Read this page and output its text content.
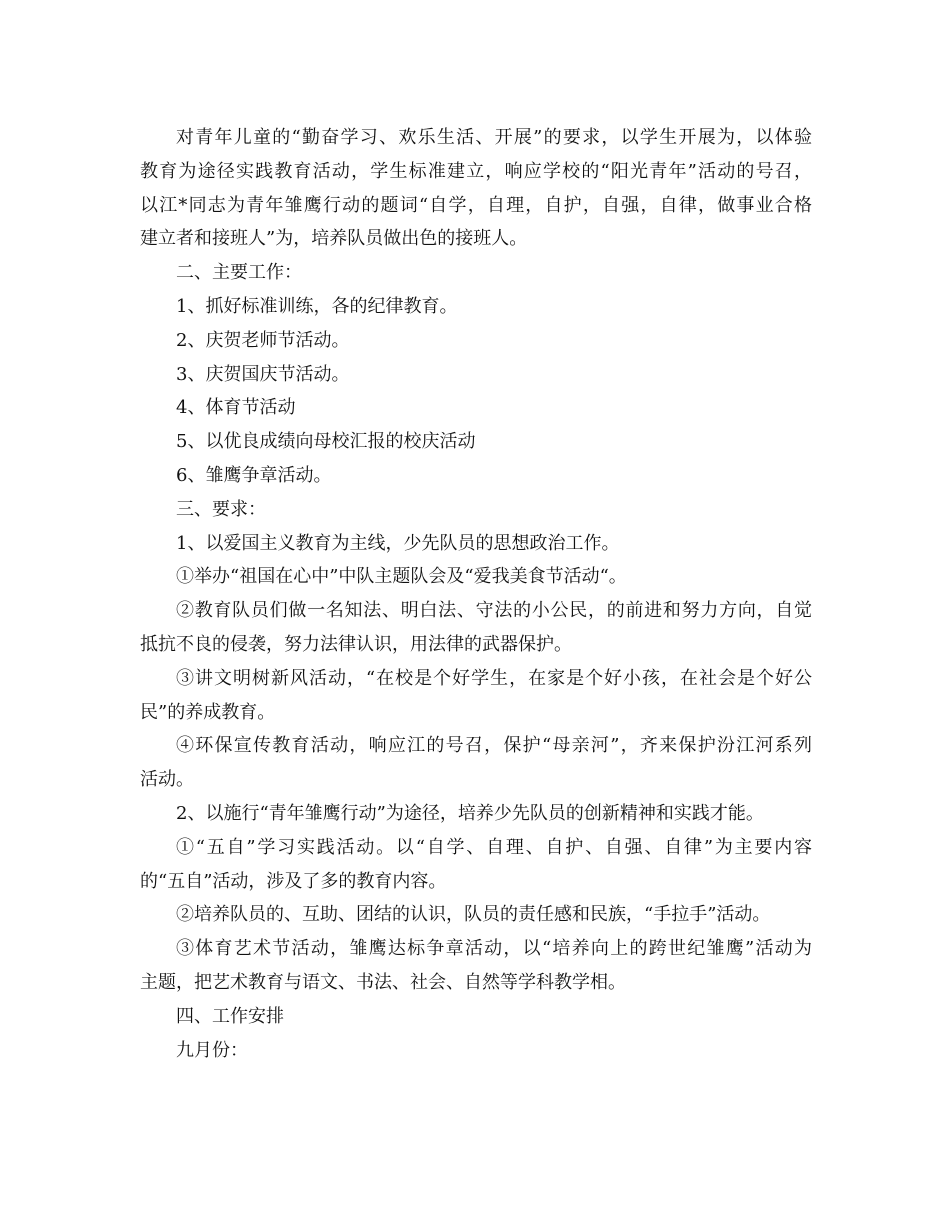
对青年儿童的“勤奋学习、欢乐生活、开展”的要求，以学生开展为，以体验
教育为途径实践教育活动，学生标准建立，响应学校的“阳光青年”活动的号召，
以江*同志为青年雏鹰行动的题词“自学，自理，自护，自强，自律，做事业合格
建立者和接班人”为，培养队员做出色的接班人。
二、主要工作：
1、抓好标准训练，各的纪律教育。
2、庆贺老师节活动。
3、庆贺国庆节活动。
4、体育节活动
5、以优良成绩向母校汇报的校庆活动
6、雏鹰争章活动。
三、要求：
1、以爱国主义教育为主线，少先队员的思想政治工作。
①举办“祖国在心中”中队主题队会及“爱我美食节活动“。
②教育队员们做一名知法、明白法、守法的小公民，的前进和努力方向，自觉
抵抗不良的侵袭，努力法律认识，用法律的武器保护。
③讲文明树新风活动，“在校是个好学生，在家是个好小孩，在社会是个好公
民”的养成教育。
④环保宣传教育活动，响应江的号召，保护“母亲河”，齐来保护汾江河系列
活动。
2、以施行“青年雏鹰行动”为途径，培养少先队员的创新精神和实践才能。
①“五自”学习实践活动。以“自学、自理、自护、自强、自律”为主要内容
的“五自”活动，涉及了多的教育内容。
②培养队员的、互助、团结的认识，队员的责任感和民族，“手拉手”活动。
③体育艺术节活动，雏鹰达标争章活动，以“培养向上的跨世纪雏鹰”活动为
主题，把艺术教育与语文、书法、社会、自然等学科教学相。
四、工作安排
九月份：
